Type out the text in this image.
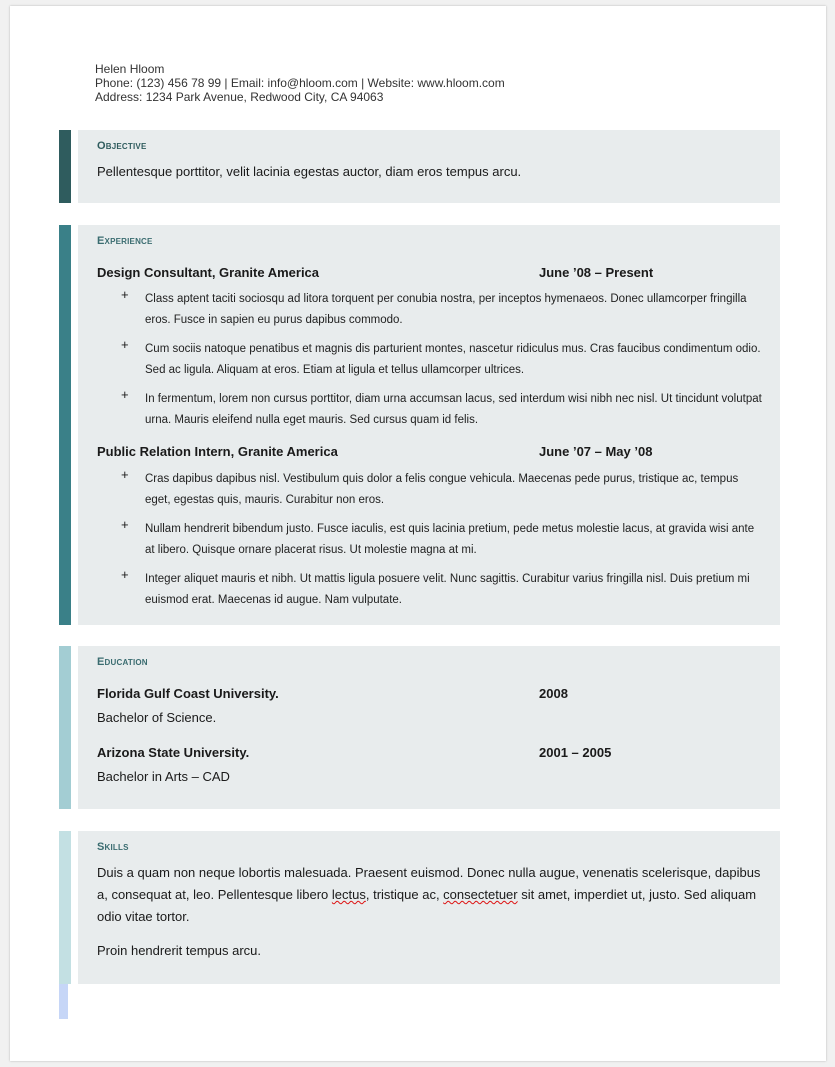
Helen Hloom
Phone: (123) 456 78 99 | Email: info@hloom.com | Website: www.hloom.com
Address: 1234 Park Avenue, Redwood City, CA 94063
Objective
Pellentesque porttitor, velit lacinia egestas auctor, diam eros tempus arcu.
Experience
Design Consultant, Granite America	June ’08 – Present
+ Class aptent taciti sociosqu ad litora torquent per conubia nostra, per inceptos hymenaeos. Donec ullamcorper fringilla eros. Fusce in sapien eu purus dapibus commodo.
+ Cum sociis natoque penatibus et magnis dis parturient montes, nascetur ridiculus mus. Cras faucibus condimentum odio. Sed ac ligula. Aliquam at eros. Etiam at ligula et tellus ullamcorper ultrices.
+ In fermentum, lorem non cursus porttitor, diam urna accumsan lacus, sed interdum wisi nibh nec nisl. Ut tincidunt volutpat urna. Mauris eleifend nulla eget mauris. Sed cursus quam id felis.
Public Relation Intern, Granite America	June ’07 – May ’08
+ Cras dapibus dapibus nisl. Vestibulum quis dolor a felis congue vehicula. Maecenas pede purus, tristique ac, tempus eget, egestas quis, mauris. Curabitur non eros.
+ Nullam hendrerit bibendum justo. Fusce iaculis, est quis lacinia pretium, pede metus molestie lacus, at gravida wisi ante at libero. Quisque ornare placerat risus. Ut molestie magna at mi.
+ Integer aliquet mauris et nibh. Ut mattis ligula posuere velit. Nunc sagittis. Curabitur varius fringilla nisl. Duis pretium mi euismod erat. Maecenas id augue. Nam vulputate.
Education
Florida Gulf Coast University.	2008
Bachelor of Science.
Arizona State University.	2001 – 2005
Bachelor in Arts – CAD
Skills
Duis a quam non neque lobortis malesuada. Praesent euismod. Donec nulla augue, venenatis scelerisque, dapibus a, consequat at, leo. Pellentesque libero lectus, tristique ac, consectetuer sit amet, imperdiet ut, justo. Sed aliquam odio vitae tortor.
Proin hendrerit tempus arcu.
